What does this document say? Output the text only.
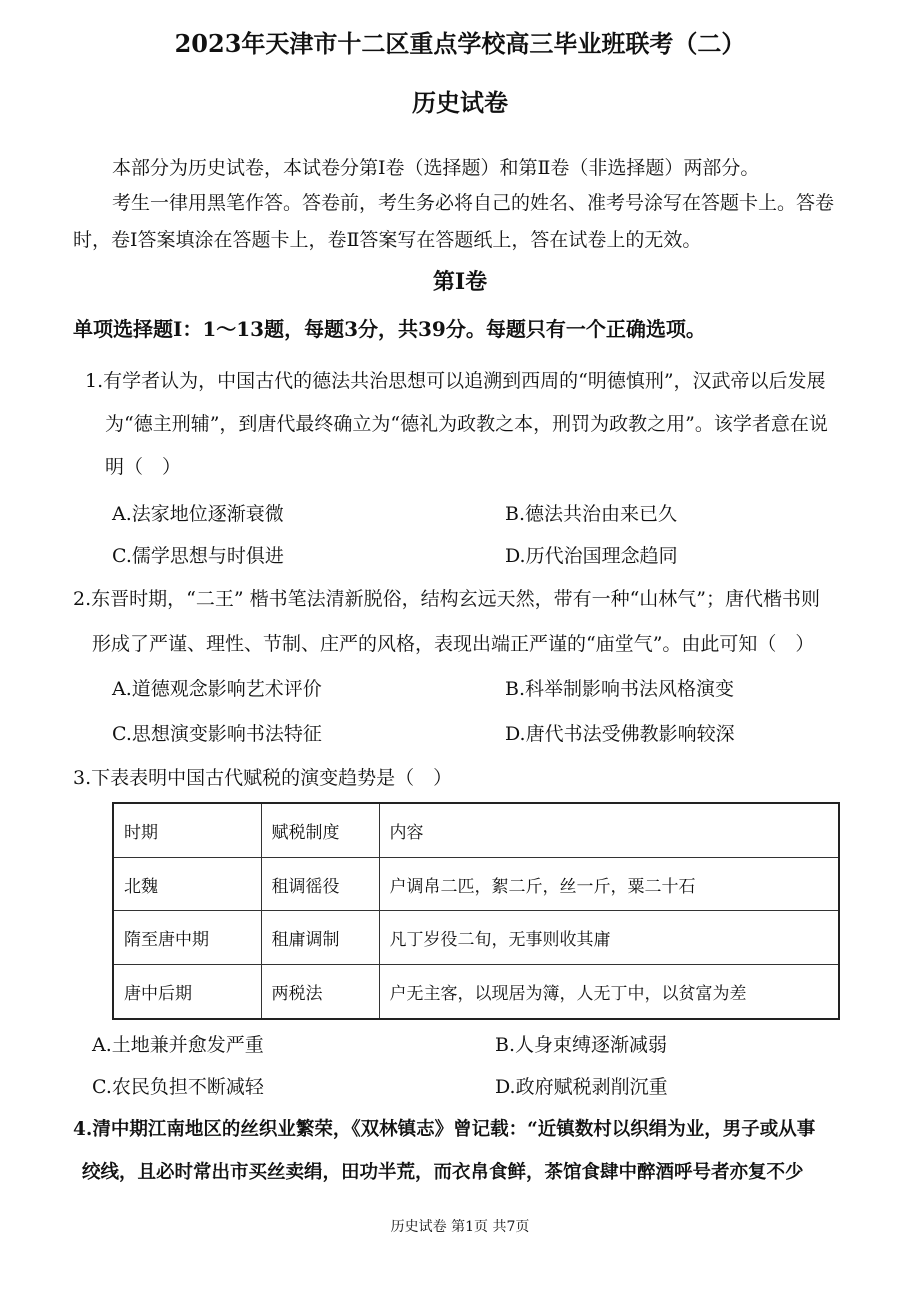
2023年天津市十二区重点学校高三毕业班联考（二）
历史试卷
本部分为历史试卷，本试卷分第Ⅰ卷（选择题）和第Ⅱ卷（非选择题）两部分。
考生一律用黑笔作答。答卷前，考生务必将自己的姓名、准考号涂写在答题卡上。答卷
时，卷Ⅰ答案填涂在答题卡上，卷Ⅱ答案写在答题纸上，答在试卷上的无效。
第Ⅰ卷
单项选择题Ⅰ：1～13题，每题3分，共39分。每题只有一个正确选项。
1.有学者认为，中国古代的德法共治思想可以追溯到西周的“明德慎刑”，汉武帝以后发展
为“德主刑辅”，到唐代最终确立为“德礼为政教之本，刑罚为政教之用”。该学者意在说
明（　）
A.法家地位逐渐衰微	B.德法共治由来已久
C.儒学思想与时俱进	D.历代治国理念趋同
2.东晋时期，“二王” 楷书笔法清新脱俗，结构玄远天然，带有一种“山林气”；唐代楷书则
形成了严谨、理性、节制、庄严的风格，表现出端正严谨的“庙堂气”。由此可知（　）
A.道德观念影响艺术评价	B.科举制影响书法风格演变
C.思想演变影响书法特征	D.唐代书法受佛教影响较深
3.下表表明中国古代赋税的演变趋势是（　）
时期	赋税制度	内容
北魏	租调徭役	户调帛二匹，絮二斤，丝一斤，粟二十石
隋至唐中期	租庸调制	凡丁岁役二旬，无事则收其庸
唐中后期	两税法	户无主客，以现居为簿，人无丁中，以贫富为差
A.土地兼并愈发严重	B.人身束缚逐渐减弱
C.农民负担不断减轻	D.政府赋税剥削沉重
4.清中期江南地区的丝织业繁荣，《双林镇志》曾记载：“近镇数村以织绢为业，男子或从事
绞线，且必时常出市买丝卖绢，田功半荒，而衣帛食鲜，茶馆食肆中醉酒呼号者亦复不少
历史试卷 第1页 共7页
